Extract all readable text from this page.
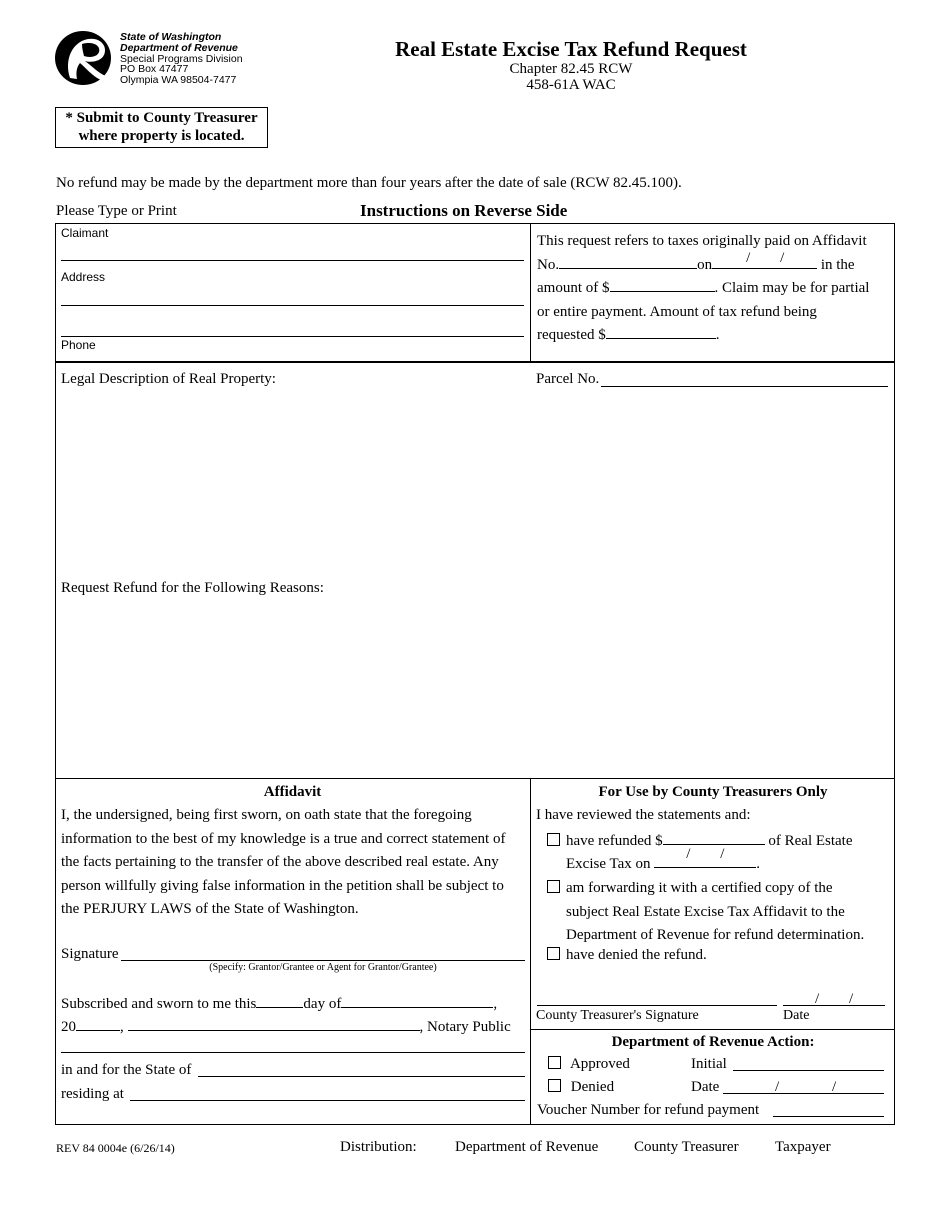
State of Washington
Department of Revenue
Special Programs Division
PO Box 47477
Olympia WA 98504-7477
Real Estate Excise Tax Refund Request
Chapter 82.45 RCW
458-61A WAC
* Submit to County Treasurer
where property is located.
No refund may be made by the department more than four years after the date of sale (RCW 82.45.100).
Please Type or Print	Instructions on Reverse Side
Claimant
Address
Phone
This request refers to taxes originally paid on Affidavit
No.	on / / in the
amount of $	. Claim may be for partial
or entire payment. Amount of tax refund being
requested $	.
Legal Description of Real Property:	Parcel No.
Request Refund for the Following Reasons:
Affidavit
I, the undersigned, being first sworn, on oath state that the foregoing
information to the best of my knowledge is a true and correct statement of
the facts pertaining to the transfer of the above described real estate. Any
person willfully giving false information in the petition shall be subject to
the PERJURY LAWS of the State of Washington.
Signature
(Specify: Grantor/Grantee or Agent for Grantor/Grantee)
Subscribed and sworn to me this	day of	,
20	,	, Notary Public
in and for the State of
residing at
For Use by County Treasurers Only
I have reviewed the statements and:
have refunded $	of Real Estate
Excise Tax on
/ /
.
am forwarding it with a certified copy of the
subject Real Estate Excise Tax Affidavit to the
Department of Revenue for refund determination.
have denied the refund.
/ /
County Treasurer's Signature	Date
Department of Revenue Action:
Approved	Initial
Denied	Date	/	/
Voucher Number for refund payment
REV 84 0004e (6/26/14)	Distribution:	Department of Revenue County Treasurer Taxpayer
